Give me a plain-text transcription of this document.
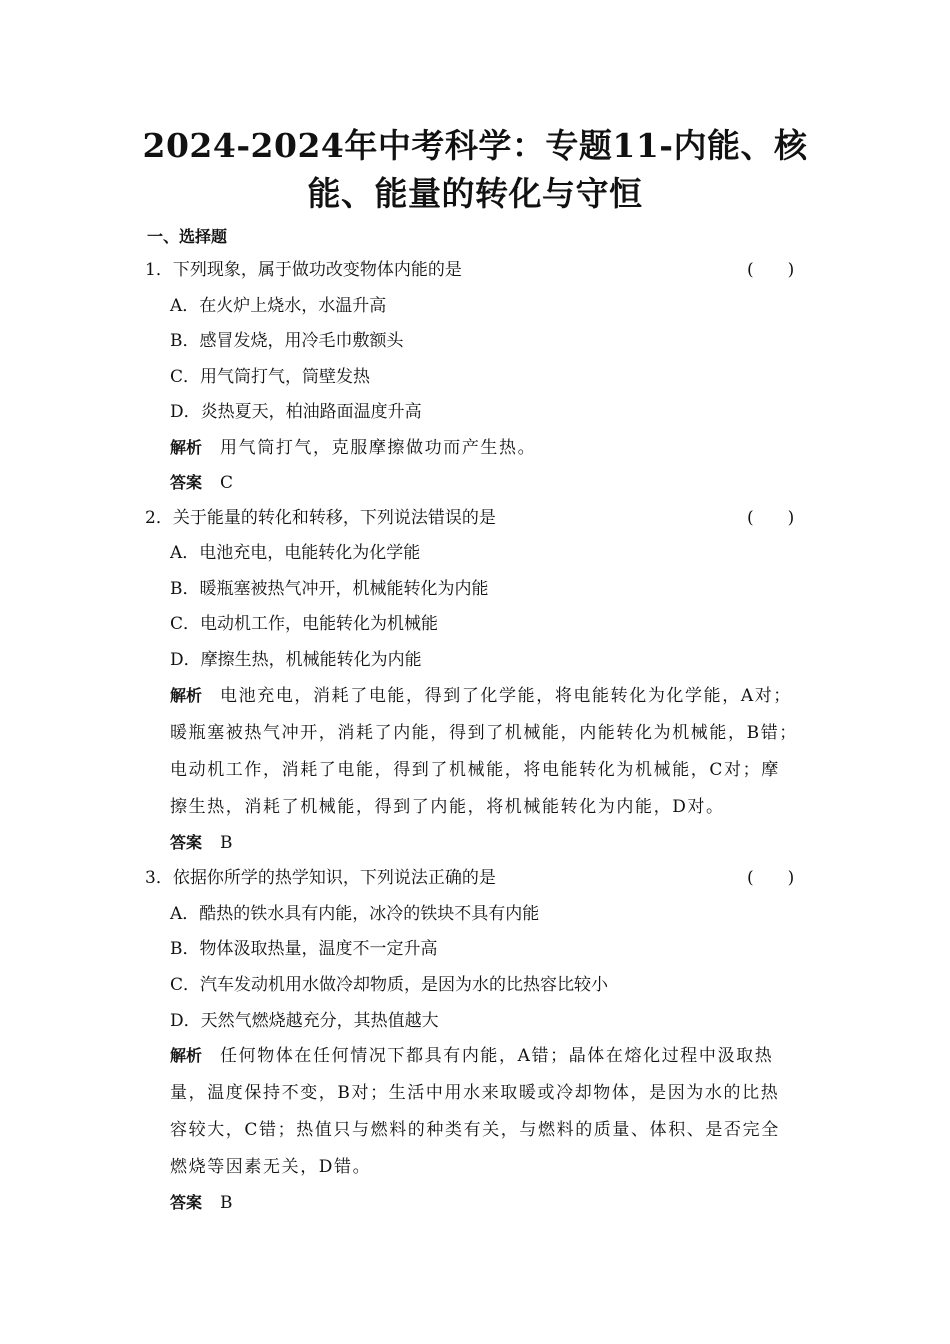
2024-2024年中考科学：专题11-内能、核
能、能量的转化与守恒
一、选择题
1．下列现象，属于做功改变物体内能的是	(　　)
A．在火炉上烧水，水温升高
B．感冒发烧，用冷毛巾敷额头
C．用气筒打气，筒壁发热
D．炎热夏天，柏油路面温度升高
解析 用气筒打气，克服摩擦做功而产生热。
答案 C
2．关于能量的转化和转移，下列说法错误的是	(　　)
A．电池充电，电能转化为化学能
B．暖瓶塞被热气冲开，机械能转化为内能
C．电动机工作，电能转化为机械能
D．摩擦生热，机械能转化为内能
解析 电池充电，消耗了电能，得到了化学能，将电能转化为化学能，A对；
暖瓶塞被热气冲开，消耗了内能，得到了机械能，内能转化为机械能，B错；
电动机工作，消耗了电能，得到了机械能，将电能转化为机械能，C对；摩
擦生热，消耗了机械能，得到了内能，将机械能转化为内能，D对。
答案 B
3．依据你所学的热学知识，下列说法正确的是	(　　)
A．酷热的铁水具有内能，冰冷的铁块不具有内能
B．物体汲取热量，温度不一定升高
C．汽车发动机用水做冷却物质，是因为水的比热容比较小
D．天然气燃烧越充分，其热值越大
解析 任何物体在任何情况下都具有内能，A错；晶体在熔化过程中汲取热
量，温度保持不变，B对；生活中用水来取暖或冷却物体，是因为水的比热
容较大，C错；热值只与燃料的种类有关，与燃料的质量、体积、是否完全
燃烧等因素无关，D错。
答案 B
